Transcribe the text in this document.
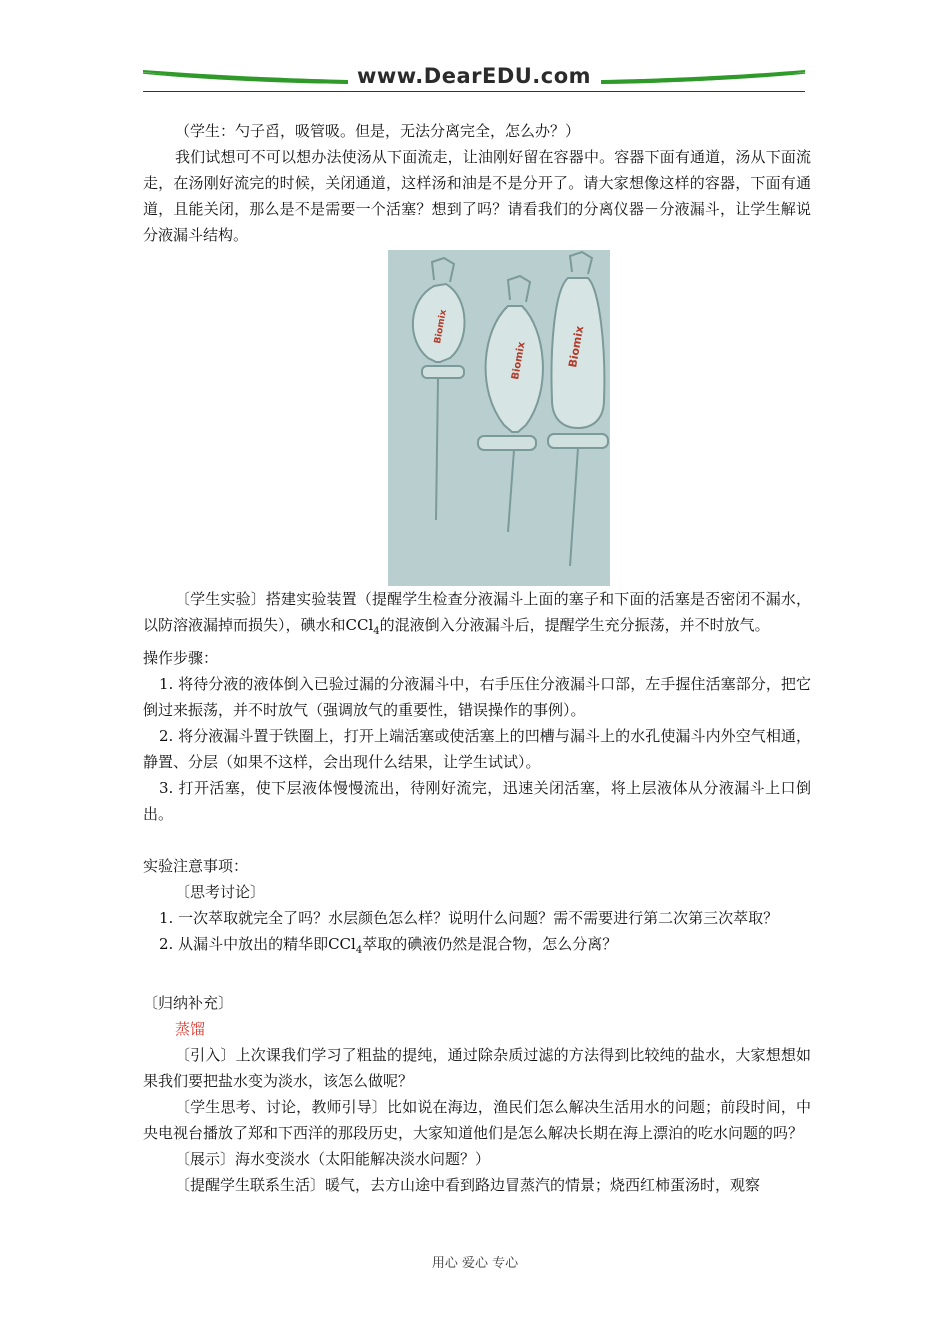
www.DearEDU.com

（学生：勺子舀，吸管吸。但是，无法分离完全，怎么办？）

我们试想可不可以想办法使汤从下面流走，让油刚好留在容器中。容器下面有通道，汤从下面流走，在汤刚好流完的时候，关闭通道，这样汤和油是不是分开了。请大家想像这样的容器，下面有通道，且能关闭，那么是不是需要一个活塞？想到了吗？请看我们的分离仪器－分液漏斗，让学生解说分液漏斗结构。

Biomix
Biomix	Biomix

〔学生实验〕搭建实验装置（提醒学生检查分液漏斗上面的塞子和下面的活塞是否密闭不漏水，以防溶液漏掉而损失），碘水和CCl$_4$的混液倒入分液漏斗后，提醒学生充分振荡，并不时放气。

操作步骤：

1. 将待分液的液体倒入已验过漏的分液漏斗中，右手压住分液漏斗口部，左手握住活塞部分，把它倒过来振荡，并不时放气（强调放气的重要性，错误操作的事例）。

2. 将分液漏斗置于铁圈上，打开上端活塞或使活塞上的凹槽与漏斗上的水孔使漏斗内外空气相通，静置、分层（如果不这样，会出现什么结果，让学生试试）。

3. 打开活塞，使下层液体慢慢流出，待刚好流完，迅速关闭活塞，将上层液体从分液漏斗上口倒出。

实验注意事项：

〔思考讨论〕

1. 一次萃取就完全了吗？水层颜色怎么样？说明什么问题？需不需要进行第二次第三次萃取？

2. 从漏斗中放出的精华即CCl$_4$萃取的碘液仍然是混合物，怎么分离？

〔归纳补充〕

蒸馏

〔引入〕上次课我们学习了粗盐的提纯，通过除杂质过滤的方法得到比较纯的盐水，大家想想如果我们要把盐水变为淡水，该怎么做呢？

〔学生思考、讨论，教师引导〕比如说在海边，渔民们怎么解决生活用水的问题；前段时间，中央电视台播放了郑和下西洋的那段历史，大家知道他们是怎么解决长期在海上漂泊的吃水问题的吗？

〔展示〕海水变淡水（太阳能解决淡水问题？）

〔提醒学生联系生活〕暖气，去方山途中看到路边冒蒸汽的情景；烧西红柿蛋汤时，观察

用心 爱心 专心
